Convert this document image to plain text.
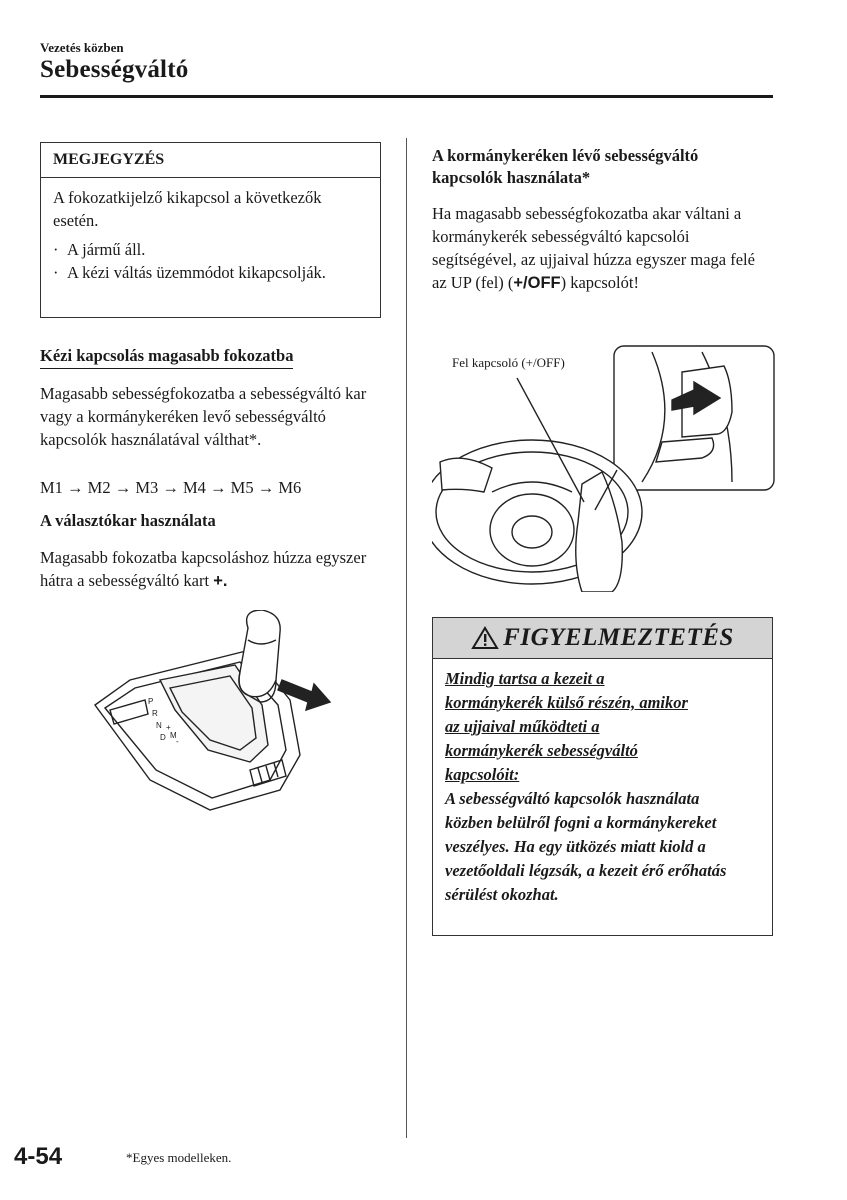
Vezetés közben
Sebességváltó
MEGJEGYZÉS
A fokozatkijelző kikapcsol a következők esetén.
· A jármű áll.
· A kézi váltás üzemmódot kikapcsolják.
Kézi kapcsolás magasabb fokozatba
Magasabb sebességfokozatba a sebességváltó kar vagy a kormánykeréken levő sebességváltó kapcsolók használatával válthat*.
M1 → M2 → M3 → M4 → M5 → M6
A választókar használata
Magasabb fokozatba kapcsoláshoz húzza egyszer hátra a sebességváltó kart +.
P
R
N
D M
+
-
A kormánykeréken lévő sebességváltó kapcsolók használata*
Ha magasabb sebességfokozatba akar váltani a kormánykerék sebességváltó kapcsolói segítségével, az ujjaival húzza egyszer maga felé az UP (fel) (+/OFF) kapcsolót!
Fel kapcsoló (+/OFF)
FIGYELMEZTETÉS
Mindig tartsa a kezeit a
kormánykerék külső részén, amikor
az ujjaival működteti a
kormánykerék sebességváltó
kapcsolóit:
A sebességváltó kapcsolók használata közben belülről fogni a kormánykereket veszélyes. Ha egy ütközés miatt kiold a vezetőoldali légzsák, a kezeit érő erőhatás sérülést okozhat.
4-54	*Egyes modelleken.
